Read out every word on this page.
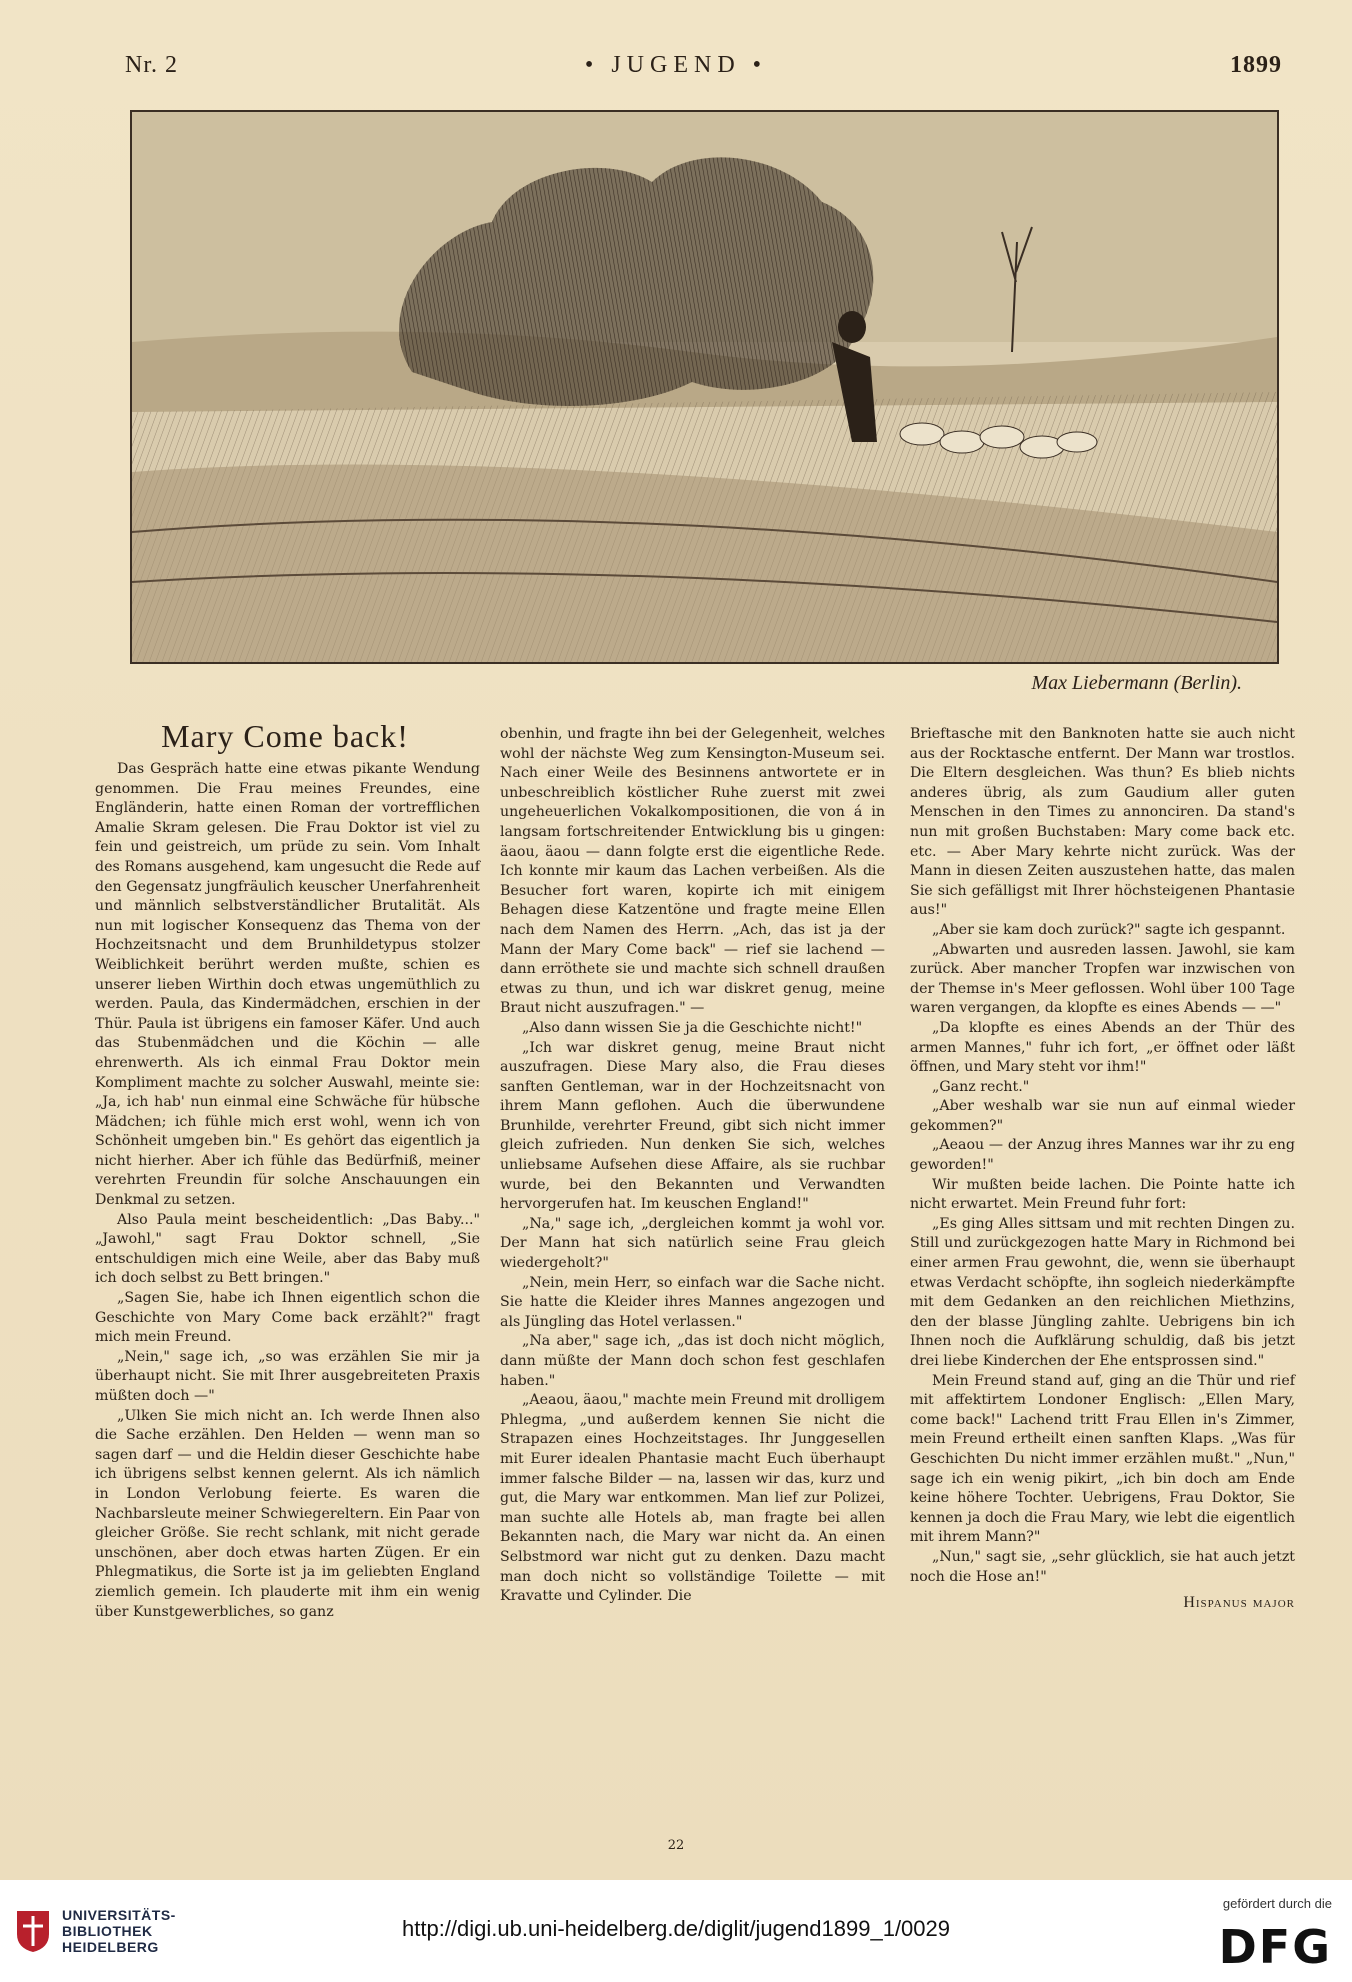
Nr. 2	• JUGEND •	1899
Max Liebermann (Berlin).
Mary Come back!

Das Gespräch hatte eine etwas pikante Wendung genommen. Die Frau meines Freundes, eine Engländerin, hatte einen Roman der vortrefflichen Amalie Skram gelesen. Die Frau Doktor ist viel zu fein und geistreich, um prüde zu sein. Vom Inhalt des Romans ausgehend, kam ungesucht die Rede auf den Gegensatz jungfräulich keuscher Unerfahrenheit und männlich selbstverständlicher Brutalität. Als nun mit logischer Konsequenz das Thema von der Hochzeitsnacht und dem Brunhildetypus stolzer Weiblichkeit berührt werden mußte, schien es unserer lieben Wirthin doch etwas ungemüthlich zu werden. Paula, das Kindermädchen, erschien in der Thür. Paula ist übrigens ein famoser Käfer. Und auch das Stubenmädchen und die Köchin — alle ehrenwerth. Als ich einmal Frau Doktor mein Kompliment machte zu solcher Auswahl, meinte sie: „Ja, ich hab' nun einmal eine Schwäche für hübsche Mädchen; ich fühle mich erst wohl, wenn ich von Schönheit umgeben bin." Es gehört das eigentlich ja nicht hierher. Aber ich fühle das Bedürfniß, meiner verehrten Freundin für solche Anschauungen ein Denkmal zu setzen.

Also Paula meint bescheidentlich: „Das Baby..." „Jawohl," sagt Frau Doktor schnell, „Sie entschuldigen mich eine Weile, aber das Baby muß ich doch selbst zu Bett bringen."

„Sagen Sie, habe ich Ihnen eigentlich schon die Geschichte von Mary Come back erzählt?" fragt mich mein Freund.

„Nein," sage ich, „so was erzählen Sie mir ja überhaupt nicht. Sie mit Ihrer ausgebreiteten Praxis müßten doch —"

„Ulken Sie mich nicht an. Ich werde Ihnen also die Sache erzählen. Den Helden — wenn man so sagen darf — und die Heldin dieser Geschichte habe ich übrigens selbst kennen gelernt. Als ich nämlich in London Verlobung feierte. Es waren die Nachbarsleute meiner Schwiegereltern. Ein Paar von gleicher Größe. Sie recht schlank, mit nicht gerade unschönen, aber doch etwas harten Zügen. Er ein Phlegmatikus, die Sorte ist ja im geliebten England ziemlich gemein. Ich plauderte mit ihm ein wenig über Kunstgewerbliches, so ganz

obenhin, und fragte ihn bei der Gelegenheit, welches wohl der nächste Weg zum Kensington-Museum sei. Nach einer Weile des Besinnens antwortete er in unbeschreiblich köstlicher Ruhe zuerst mit zwei ungeheuerlichen Vokalkompositionen, die von á in langsam fortschreitender Entwicklung bis u gingen: äaou, äaou — dann folgte erst die eigentliche Rede. Ich konnte mir kaum das Lachen verbeißen. Als die Besucher fort waren, kopirte ich mit einigem Behagen diese Katzentöne und fragte meine Ellen nach dem Namen des Herrn. „Ach, das ist ja der Mann der Mary Come back" — rief sie lachend — dann erröthete sie und machte sich schnell draußen etwas zu thun, und ich war diskret genug, meine Braut nicht auszufragen." —

„Also dann wissen Sie ja die Geschichte nicht!"

„Ich war diskret genug, meine Braut nicht auszufragen. Diese Mary also, die Frau dieses sanften Gentleman, war in der Hochzeitsnacht von ihrem Mann geflohen. Auch die überwundene Brunhilde, verehrter Freund, gibt sich nicht immer gleich zufrieden. Nun denken Sie sich, welches unliebsame Aufsehen diese Affaire, als sie ruchbar wurde, bei den Bekannten und Verwandten hervorgerufen hat. Im keuschen England!"

„Na," sage ich, „dergleichen kommt ja wohl vor. Der Mann hat sich natürlich seine Frau gleich wiedergeholt?"

„Nein, mein Herr, so einfach war die Sache nicht. Sie hatte die Kleider ihres Mannes angezogen und als Jüngling das Hotel verlassen."

„Na aber," sage ich, „das ist doch nicht möglich, dann müßte der Mann doch schon fest geschlafen haben."

„Aeaou, äaou," machte mein Freund mit drolligem Phlegma, „und außerdem kennen Sie nicht die Strapazen eines Hochzeitstages. Ihr Junggesellen mit Eurer idealen Phantasie macht Euch überhaupt immer falsche Bilder — na, lassen wir das, kurz und gut, die Mary war entkommen. Man lief zur Polizei, man suchte alle Hotels ab, man fragte bei allen Bekannten nach, die Mary war nicht da. An einen Selbstmord war nicht gut zu denken. Dazu macht man doch nicht so vollständige Toilette — mit Kravatte und Cylinder. Die

Brieftasche mit den Banknoten hatte sie auch nicht aus der Rocktasche entfernt. Der Mann war trostlos. Die Eltern desgleichen. Was thun? Es blieb nichts anderes übrig, als zum Gaudium aller guten Menschen in den Times zu annonciren. Da stand's nun mit großen Buchstaben: Mary come back etc. etc. — Aber Mary kehrte nicht zurück. Was der Mann in diesen Zeiten auszustehen hatte, das malen Sie sich gefälligst mit Ihrer höchsteigenen Phantasie aus!"

„Aber sie kam doch zurück?" sagte ich gespannt.

„Abwarten und ausreden lassen. Jawohl, sie kam zurück. Aber mancher Tropfen war inzwischen von der Themse in's Meer geflossen. Wohl über 100 Tage waren vergangen, da klopfte es eines Abends — —"

„Da klopfte es eines Abends an der Thür des armen Mannes," fuhr ich fort, „er öffnet oder läßt öffnen, und Mary steht vor ihm!"

„Ganz recht."

„Aber weshalb war sie nun auf einmal wieder gekommen?"

„Aeaou — der Anzug ihres Mannes war ihr zu eng geworden!"

Wir mußten beide lachen. Die Pointe hatte ich nicht erwartet. Mein Freund fuhr fort:

„Es ging Alles sittsam und mit rechten Dingen zu. Still und zurückgezogen hatte Mary in Richmond bei einer armen Frau gewohnt, die, wenn sie überhaupt etwas Verdacht schöpfte, ihn sogleich niederkämpfte mit dem Gedanken an den reichlichen Miethzins, den der blasse Jüngling zahlte. Uebrigens bin ich Ihnen noch die Aufklärung schuldig, daß bis jetzt drei liebe Kinderchen der Ehe entsprossen sind."

Mein Freund stand auf, ging an die Thür und rief mit affektirtem Londoner Englisch: „Ellen Mary, come back!" Lachend tritt Frau Ellen in's Zimmer, mein Freund ertheilt einen sanften Klaps. „Was für Geschichten Du nicht immer erzählen mußt." „Nun," sage ich ein wenig pikirt, „ich bin doch am Ende keine höhere Tochter. Uebrigens, Frau Doktor, Sie kennen ja doch die Frau Mary, wie lebt die eigentlich mit ihrem Mann?"

„Nun," sagt sie, „sehr glücklich, sie hat auch jetzt noch die Hose an!"

Hispanus major
22
UNIVERSITÄTS-
BIBLIOTHEK
HEIDELBERG
http://digi.ub.uni-heidelberg.de/diglit/jugend1899_1/0029
gefördert durch die
DFG
